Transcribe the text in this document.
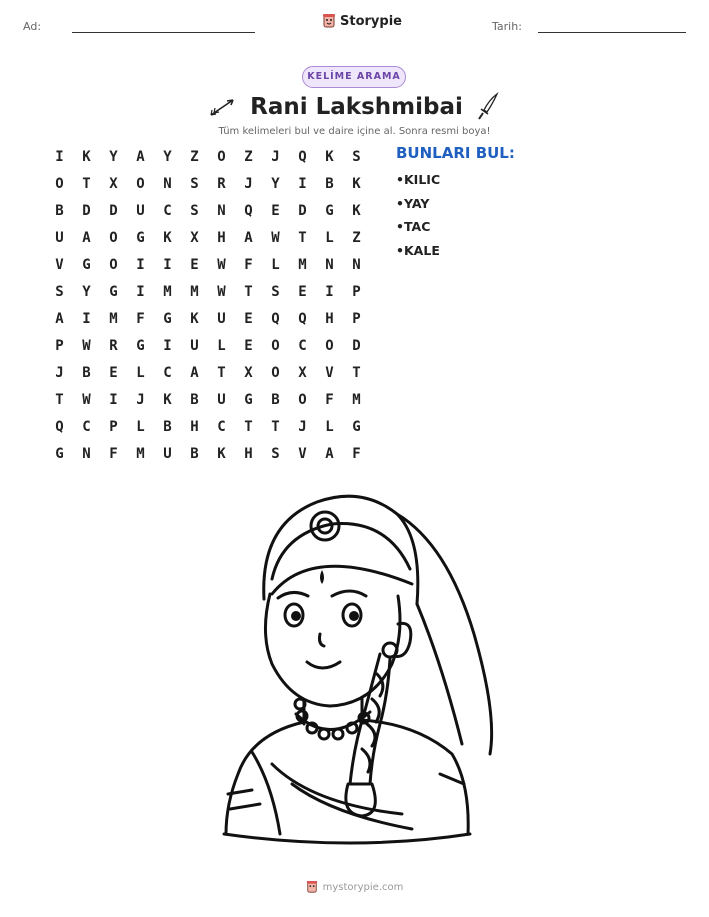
Ad:	Storypie	Tarih:
KELİME ARAMA
Rani Lakshmibai
Tüm kelimeleri bul ve daire içine al. Sonra resmi boya!
I	K	Y	A	Y	Z	O	Z	J	Q	K	S
O	T	X	O	N	S	R	J	Y	I	B	K
B	D	D	U	C	S	N	Q	E	D	G	K
U	A	O	G	K	X	H	A	W	T	L	Z
V	G	O	I	I	E	W	F	L	M	N	N
S	Y	G	I	M	M	W	T	S	E	I	P
A	I	M	F	G	K	U	E	Q	Q	H	P
P	W	R	G	I	U	L	E	O	C	O	D
J	B	E	L	C	A	T	X	O	X	V	T
T	W	I	J	K	B	U	G	B	O	F	M
Q	C	P	L	B	H	C	T	T	J	L	G
G	N	F	M	U	B	K	H	S	V	A	F
BUNLARI BUL:
• KILIC
• YAY
• TAC
• KALE
mystorypie.com
